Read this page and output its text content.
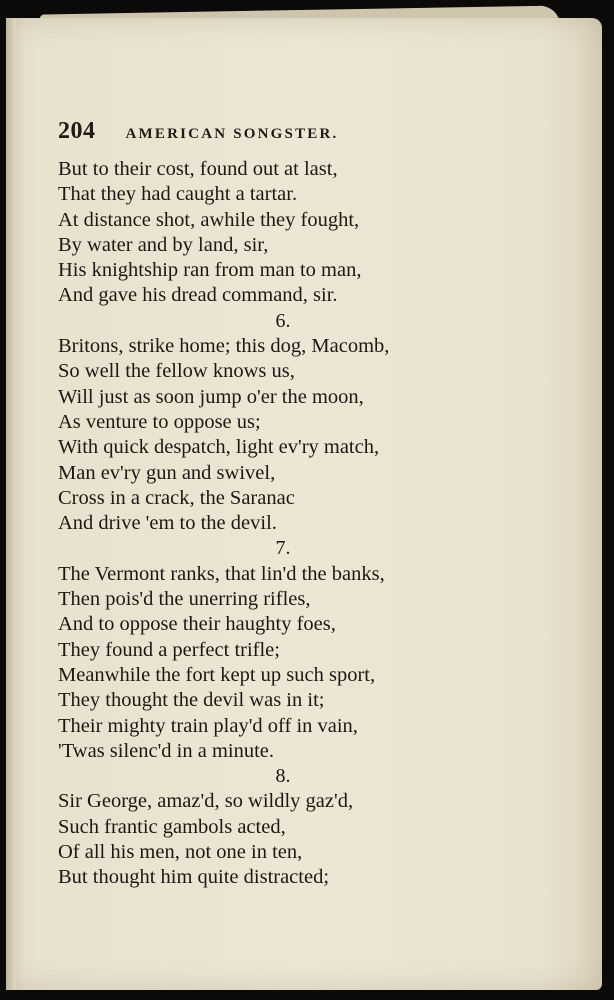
204 AMERICAN SONGSTER.
But to their cost, found out at last,
That they had caught a tartar.
At distance shot, awhile they fought,
By water and by land, sir,
His knightship ran from man to man,
And gave his dread command, sir.
6.
Britons, strike home; this dog, Macomb,
So well the fellow knows us,
Will just as soon jump o'er the moon,
As venture to oppose us;
With quick despatch, light ev'ry match,
Man ev'ry gun and swivel,
Cross in a crack, the Saranac
And drive 'em to the devil.
7.
The Vermont ranks, that lin'd the banks,
Then pois'd the unerring rifles,
And to oppose their haughty foes,
They found a perfect trifle;
Meanwhile the fort kept up such sport,
They thought the devil was in it;
Their mighty train play'd off in vain,
'Twas silenc'd in a minute.
8.
Sir George, amaz'd, so wildly gaz'd,
Such frantic gambols acted,
Of all his men, not one in ten,
But thought him quite distracted;
